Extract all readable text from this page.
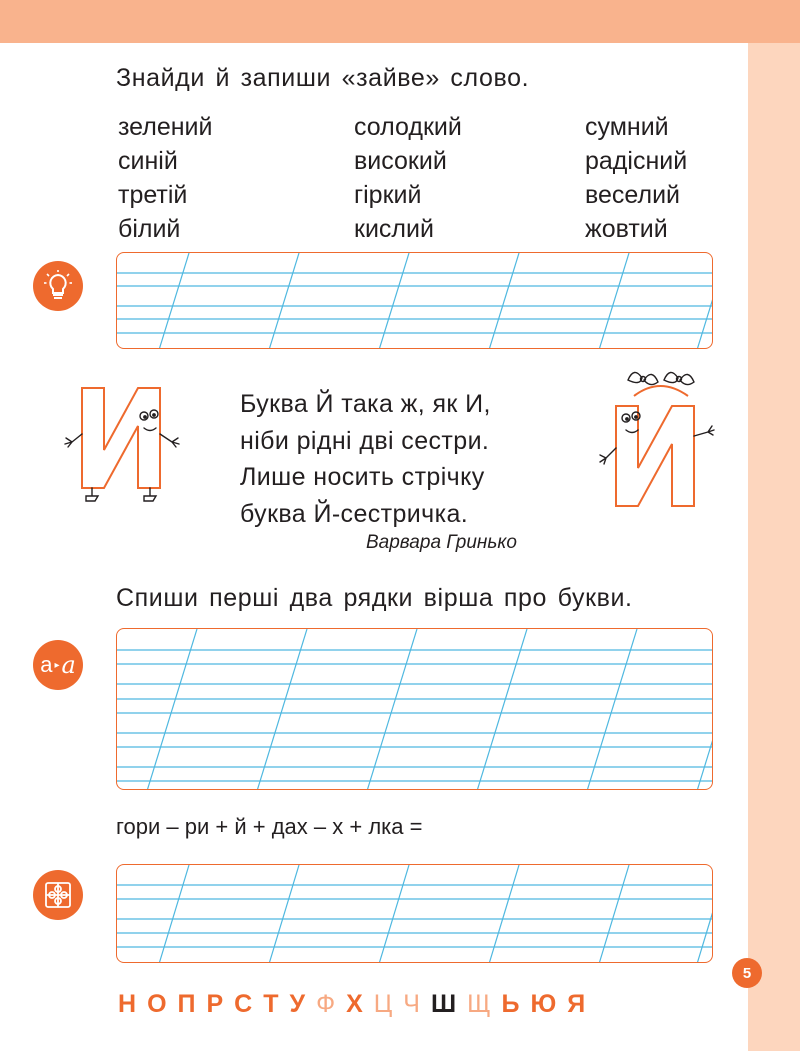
Знайди й запиши «зайве» слово.
зелений
синій
третій
білий
солодкий
високий
гіркий
кислий
сумний
радісний
веселий
жовтий
Буква Й така ж, як И,
ніби рідні дві сестри.
Лише носить стрічку
буква Й-сестричка.
Варвара Гринько
Спиши перші два рядки вірша про букви.
а ▸ a
гори – ри + й + дах – х + лка =
Н О П Р С Т У Ф Х Ц Ч Ш Щ Ь Ю Я
5
